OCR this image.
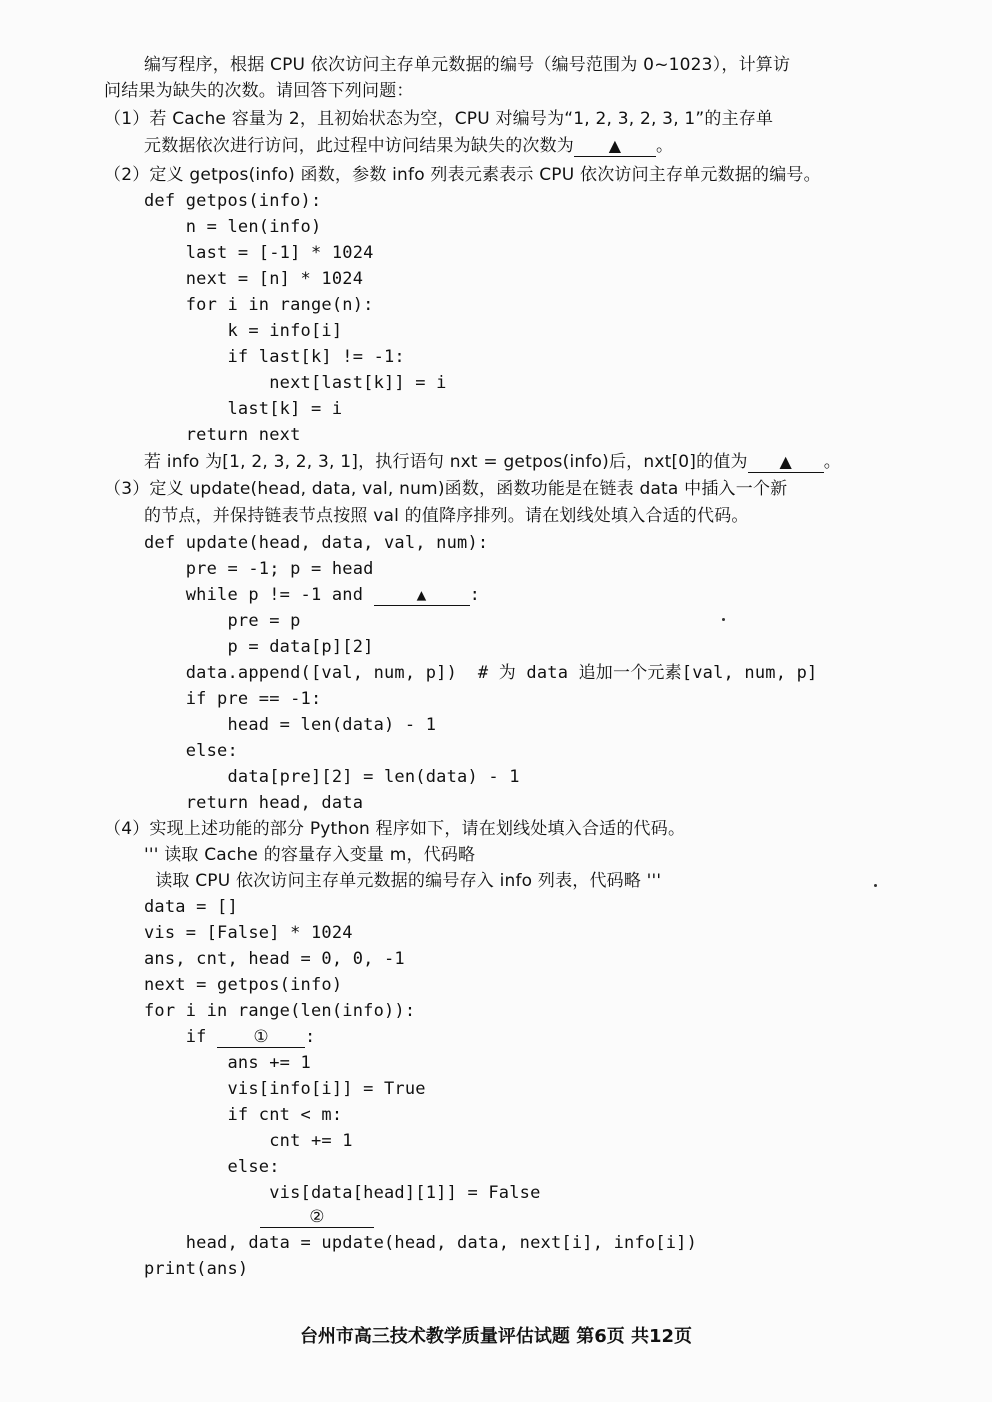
编写程序，根据 CPU 依次访问主存单元数据的编号（编号范围为 0~1023），计算访
问结果为缺失的次数。请回答下列问题：
（1）若 Cache 容量为 2，且初始状态为空，CPU 对编号为“1, 2, 3, 2, 3, 1”的主存单
元数据依次进行访问，此过程中访问结果为缺失的次数为 ▲ 。
（2）定义 getpos(info) 函数，参数 info 列表元素表示 CPU 依次访问主存单元数据的编号。
def getpos(info):
n = len(info)
last = [-1] * 1024
next = [n] * 1024
for i in range(n):
k = info[i]
if last[k] != -1:
next[last[k]] = i
last[k] = i
return next
若 info 为[1, 2, 3, 2, 3, 1]，执行语句 nxt = getpos(info)后，nxt[0]的值为 ▲ 。
（3）定义 update(head, data, val, num)函数，函数功能是在链表 data 中插入一个新
的节点，并保持链表节点按照 val 的值降序排列。请在划线处填入合适的代码。
def update(head, data, val, num):
pre = -1; p = head
while p != -1 and	▲	:
pre = p
p = data[p][2]
data.append([val, num, p])  # 为 data 追加一个元素[val, num, p]
if pre == -1:
head = len(data) - 1
else:
data[pre][2] = len(data) - 1
return head, data
（4）实现上述功能的部分 Python 程序如下，请在划线处填入合适的代码。
''' 读取 Cache 的容量存入变量 m，代码略
读取 CPU 依次访问主存单元数据的编号存入 info 列表，代码略 '''
data = []
vis = [False] * 1024
ans, cnt, head = 0, 0, -1
next = getpos(info)
for i in range(len(info)):
if ① :
ans += 1
vis[info[i]] = True
if cnt < m:
cnt += 1
else:
vis[data[head][1]] = False
②
head, data = update(head, data, next[i], info[i])
print(ans)
台州市高三技术教学质量评估试题 第6页 共12页
